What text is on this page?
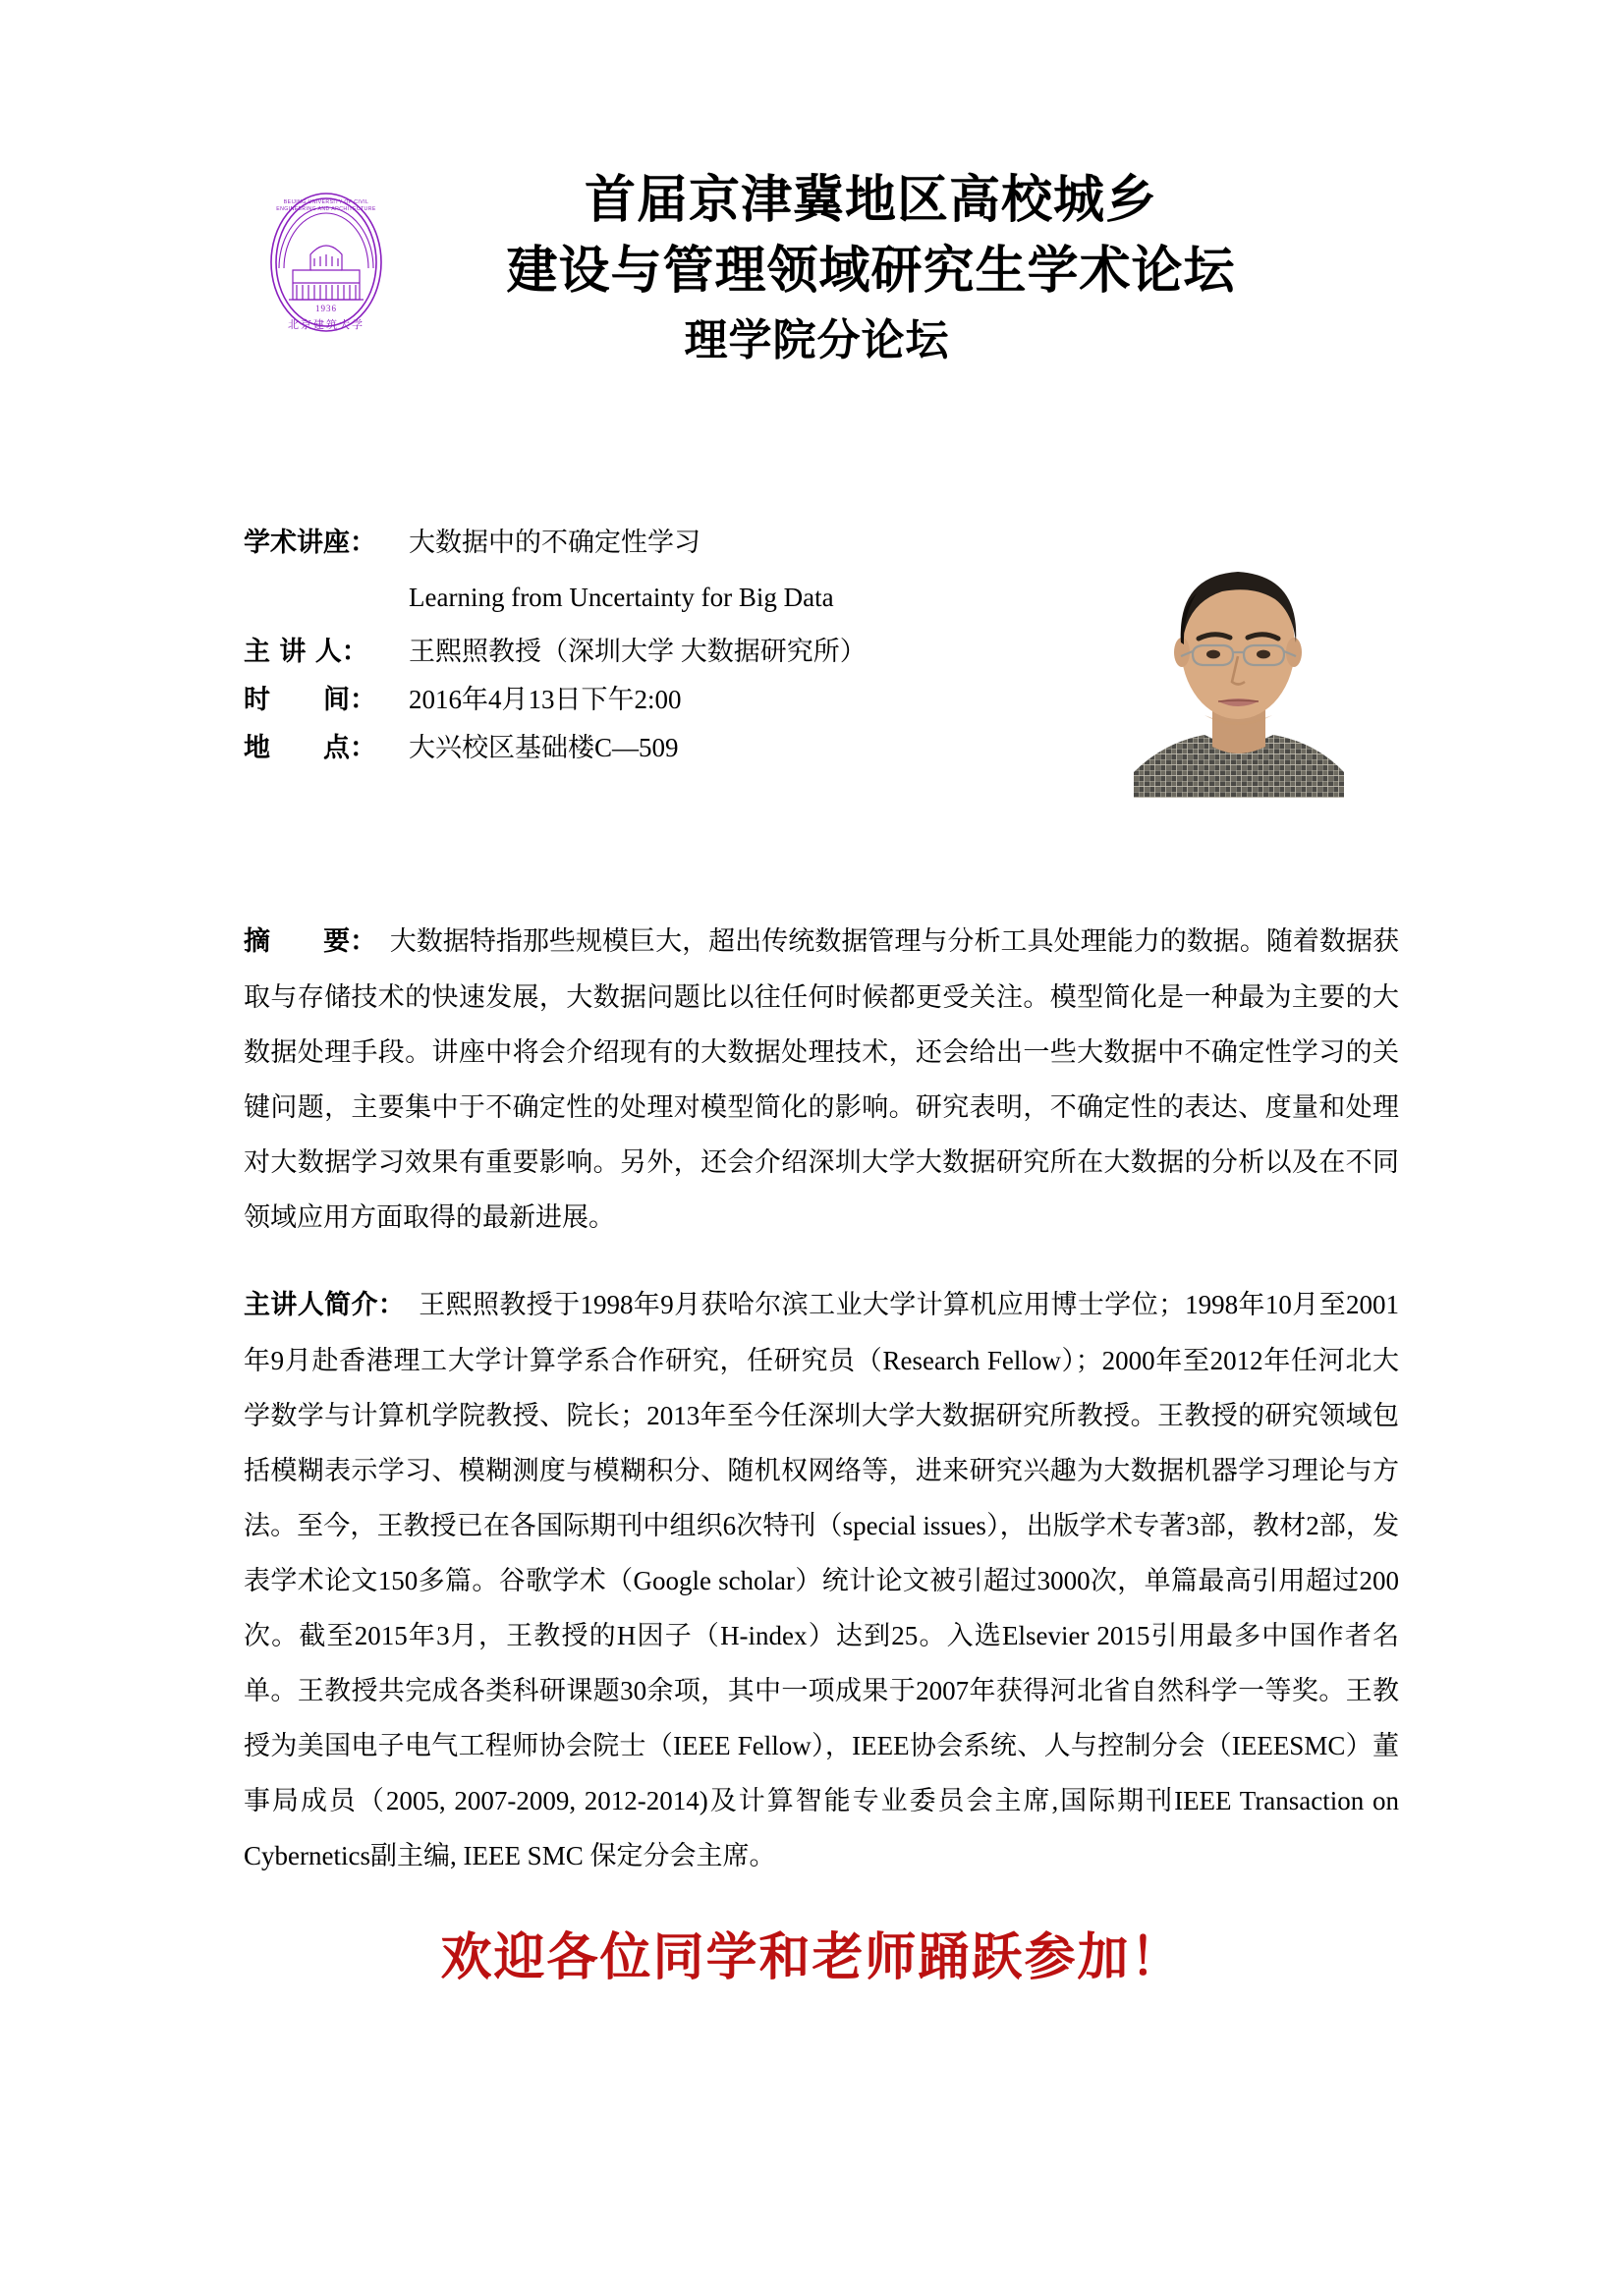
1936
BEIJING UNIVERSITY OF CIVIL
ENGINEERING AND ARCHITECTURE
北京建筑大学
首届京津冀地区高校城乡
建设与管理领域研究生学术论坛
理学院分论坛
学术讲座：	大数据中的不确定性学习
Learning from Uncertainty for Big Data
主 讲 人：	王熙照教授（深圳大学 大数据研究所）
时　　间：	2016年4月13日下午2:00
地　　点：	大兴校区基础楼C—509
摘　　要：　大数据特指那些规模巨大，超出传统数据管理与分析工具处理能力的数据。随着数据获取与存储技术的快速发展，大数据问题比以往任何时候都更受关注。模型简化是一种最为主要的大数据处理手段。讲座中将会介绍现有的大数据处理技术，还会给出一些大数据中不确定性学习的关键问题，主要集中于不确定性的处理对模型简化的影响。研究表明，不确定性的表达、度量和处理对大数据学习效果有重要影响。另外，还会介绍深圳大学大数据研究所在大数据的分析以及在不同领域应用方面取得的最新进展。
主讲人简介：　王熙照教授于1998年9月获哈尔滨工业大学计算机应用博士学位；1998年10月至2001年9月赴香港理工大学计算学系合作研究，任研究员（Research Fellow）；2000年至2012年任河北大学数学与计算机学院教授、院长；2013年至今任深圳大学大数据研究所教授。王教授的研究领域包括模糊表示学习、模糊测度与模糊积分、随机权网络等，进来研究兴趣为大数据机器学习理论与方法。至今，王教授已在各国际期刊中组织6次特刊（special issues），出版学术专著3部，教材2部，发表学术论文150多篇。谷歌学术（Google scholar）统计论文被引超过3000次，单篇最高引用超过200次。截至2015年3月，王教授的H因子（H-index）达到25。入选Elsevier 2015引用最多中国作者名单。王教授共完成各类科研课题30余项，其中一项成果于2007年获得河北省自然科学一等奖。王教授为美国电子电气工程师协会院士（IEEE Fellow），IEEE协会系统、人与控制分会（IEEESMC）董事局成员（2005, 2007-2009, 2012-2014)及计算智能专业委员会主席,国际期刊IEEE Transaction on Cybernetics副主编, IEEE SMC 保定分会主席。
欢迎各位同学和老师踊跃参加！
